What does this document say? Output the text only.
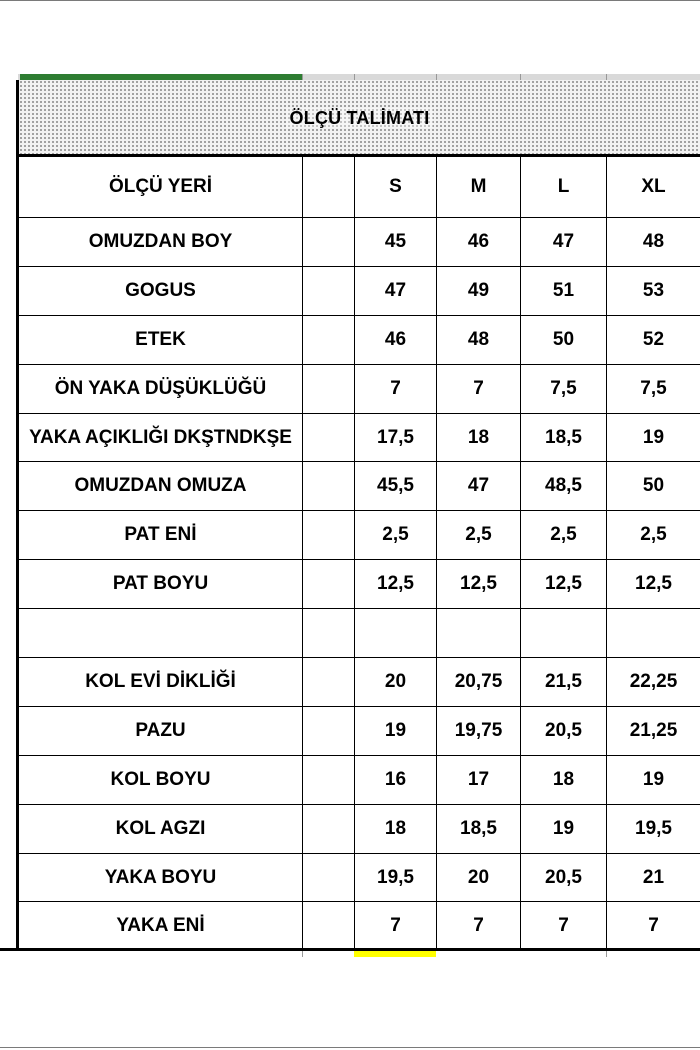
ÖLÇÜ TALİMATI
ÖLÇÜ YERİ		S	M	L	XL
OMUZDAN BOY		45	46	47	48
GOGUS		47	49	51	53
ETEK		46	48	50	52
ÖN YAKA DÜŞÜKLÜĞÜ		7	7	7,5	7,5
YAKA AÇIKLIĞI DKŞTNDKŞE		17,5	18	18,5	19
OMUZDAN OMUZA		45,5	47	48,5	50
PAT ENİ		2,5	2,5	2,5	2,5
PAT BOYU		12,5	12,5	12,5	12,5

KOL EVİ DİKLİĞİ		20	20,75	21,5	22,25
PAZU		19	19,75	20,5	21,25
KOL BOYU		16	17	18	19
KOL AGZI		18	18,5	19	19,5
YAKA BOYU		19,5	20	20,5	21
YAKA ENİ		7	7	7	7
